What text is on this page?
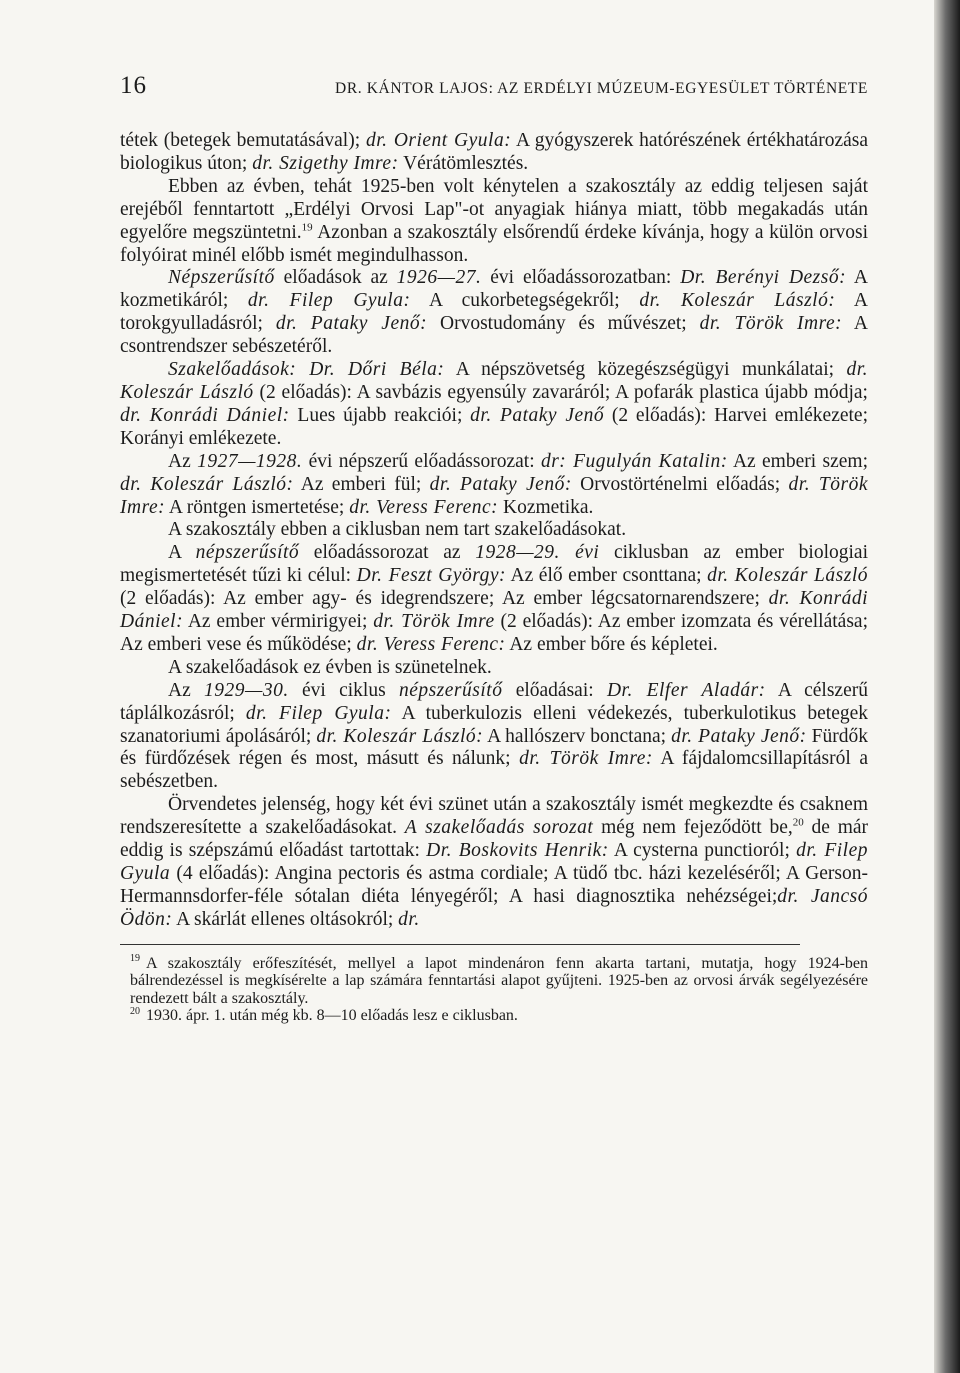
16	DR. KÁNTOR LAJOS: AZ ERDÉLYI MÚZEUM-EGYESÜLET TÖRTÉNETE

tétek (betegek bemutatásával); dr. Orient Gyula: A gyógyszerek hatórészének értékhatározása biologikus úton; dr. Szigethy Imre: Vérátömlesztés.

Ebben az évben, tehát 1925-ben volt kénytelen a szakosztály az eddig teljesen saját erejéből fenntartott „Erdélyi Orvosi Lap"-ot anyagiak hiánya miatt, több megakadás után egyelőre megszüntetni.$^{19}$ Azonban a szakosztály elsőrendű érdeke kívánja, hogy a külön orvosi folyóirat minél előbb ismét megindulhasson.

Népszerűsítő előadások az 1926—27. évi előadássorozatban: Dr. Berényi Dezső: A kozmetikáról; dr. Filep Gyula: A cukorbetegségekről; dr. Koleszár László: A torokgyulladásról; dr. Pataky Jenő: Orvostudomány és művészet; dr. Török Imre: A csontrendszer sebészetéről.

Szakelőadások: Dr. Dőri Béla: A népszövetség közegészségügyi munkálatai; dr. Koleszár László (2 előadás): A savbázis egyensúly zavaráról; A pofarák plastica újabb módja; dr. Konrádi Dániel: Lues újabb reakciói; dr. Pataky Jenő (2 előadás): Harvei emlékezete; Korányi emlékezete.

Az 1927—1928. évi népszerű előadássorozat: dr: Fugulyán Katalin: Az emberi szem; dr. Koleszár László: Az emberi fül; dr. Pataky Jenő: Orvostörténelmi előadás; dr. Török Imre: A röntgen ismertetése; dr. Veress Ferenc: Kozmetika.

A szakosztály ebben a ciklusban nem tart szakelőadásokat.

A népszerűsítő előadássorozat az 1928—29. évi ciklusban az ember biologiai megismertetését tűzi ki célul: Dr. Feszt György: Az élő ember csonttana; dr. Koleszár László (2 előadás): Az ember agy- és idegrendszere; Az ember légcsatornarendszere; dr. Konrádi Dániel: Az ember vérmirigyei; dr. Török Imre (2 előadás): Az ember izomzata és vérellátása; Az emberi vese és működése; dr. Veress Ferenc: Az ember bőre és képletei.

A szakelőadások ez évben is szünetelnek.

Az 1929—30. évi ciklus népszerűsítő előadásai: Dr. Elfer Aladár: A célszerű táplálkozásról; dr. Filep Gyula: A tuberkulozis elleni védekezés, tuberkulotikus betegek szanatoriumi ápolásáról; dr. Koleszár László: A hallószerv bonctana; dr. Pataky Jenő: Fürdők és fürdőzések régen és most, másutt és nálunk; dr. Török Imre: A fájdalomcsillapításról a sebészetben.

Örvendetes jelenség, hogy két évi szünet után a szakosztály ismét megkezdte és csaknem rendszeresítette a szakelőadásokat. A szakelőadás sorozat még nem fejeződött be,$^{20}$ de már eddig is szépszámú előadást tartottak: Dr. Boskovits Henrik: A cysterna punctioról; dr. Filep Gyula (4 előadás): Angina pectoris és astma cordiale; A tüdő tbc. házi kezeléséről; A Gerson-Hermannsdorfer-féle sótalan diéta lényegéről; A hasi diagnosztika nehézségei;dr. Jancsó Ödön: A skárlát ellenes oltásokról; dr.

$^{19}$ A szakosztály erőfeszítését, mellyel a lapot mindenáron fenn akarta tartani, mutatja, hogy 1924-ben bálrendezéssel is megkísérelte a lap számára fenntartási alapot gyűjteni. 1925-ben az orvosi árvák segélyezésére rendezett bált a szakosztály.

$^{20}$ 1930. ápr. 1. után még kb. 8—10 előadás lesz e ciklusban.
